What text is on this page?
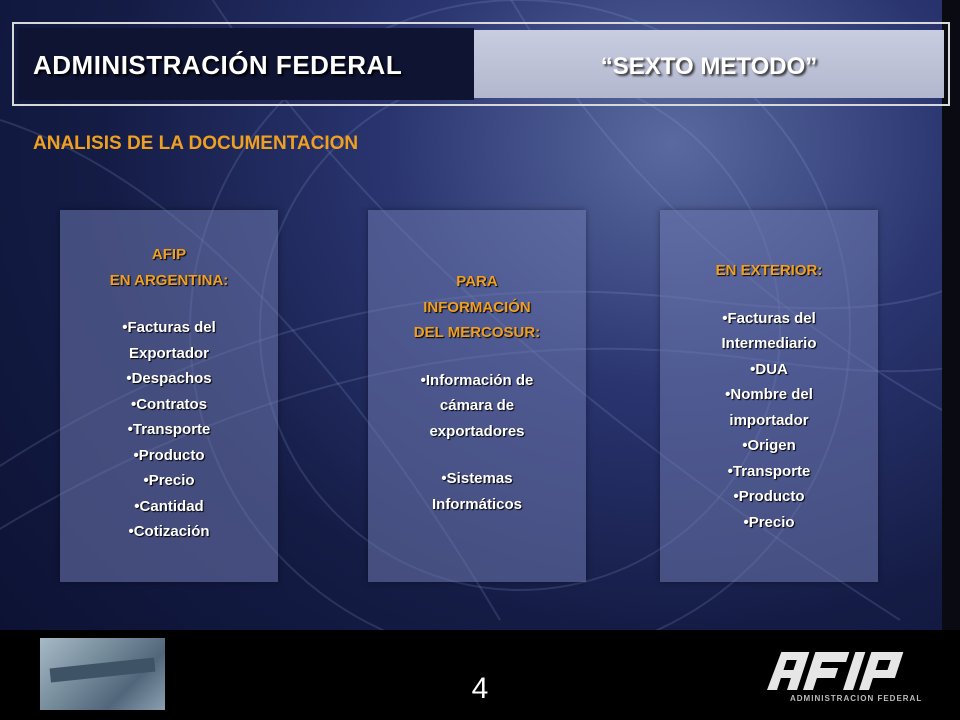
ADMINISTRACIÓN FEDERAL	“SEXTO METODO”
ANALISIS DE LA DOCUMENTACION
AFIP
EN ARGENTINA:
•Facturas del
Exportador
•Despachos
•Contratos
•Transporte
•Producto
•Precio
•Cantidad
•Cotización
PARA
INFORMACIÓN
DEL MERCOSUR:
•Información de
cámara de
exportadores
•Sistemas
Informáticos
EN EXTERIOR:
•Facturas del
Intermediario
•DUA
•Nombre del
importador
•Origen
•Transporte
•Producto
•Precio
4	ADMINISTRACION FEDERAL
